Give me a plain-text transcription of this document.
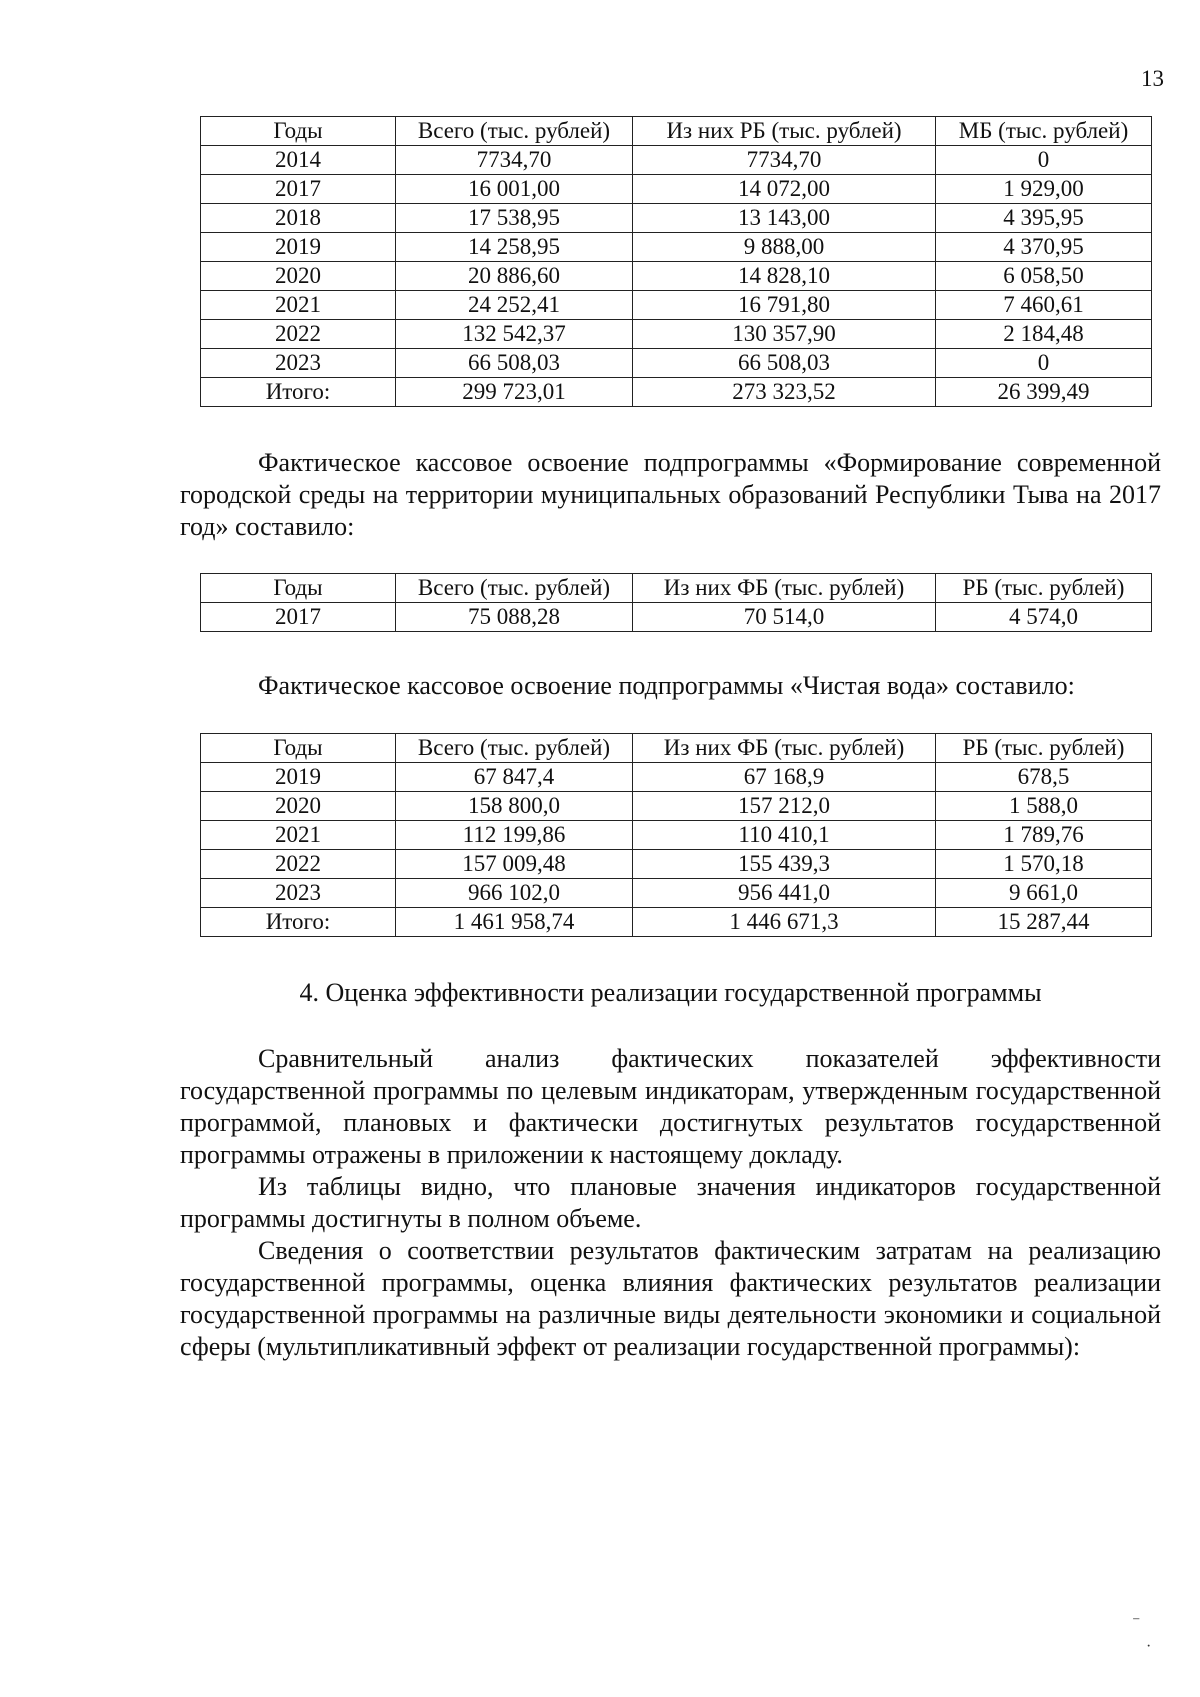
13
Годы	Всего (тыс. рублей)	Из них РБ (тыс. рублей)	МБ (тыс. рублей)
2014	7734,70	7734,70	0
2017	16 001,00	14 072,00	1 929,00
2018	17 538,95	13 143,00	4 395,95
2019	14 258,95	9 888,00	4 370,95
2020	20 886,60	14 828,10	6 058,50
2021	24 252,41	16 791,80	7 460,61
2022	132 542,37	130 357,90	2 184,48
2023	66 508,03	66 508,03	0
Итого:	299 723,01	273 323,52	26 399,49

Фактическое кассовое освоение подпрограммы «Формирование современной городской среды на территории муниципальных образований Республики Тыва на 2017 год» составило:

Годы	Всего (тыс. рублей)	Из них ФБ (тыс. рублей)	РБ (тыс. рублей)
2017	75 088,28	70 514,0	4 574,0

Фактическое кассовое освоение подпрограммы «Чистая вода» составило:

Годы	Всего (тыс. рублей)	Из них ФБ (тыс. рублей)	РБ (тыс. рублей)
2019	67 847,4	67 168,9	678,5
2020	158 800,0	157 212,0	1 588,0
2021	112 199,86	110 410,1	1 789,76
2022	157 009,48	155 439,3	1 570,18
2023	966 102,0	956 441,0	9 661,0
Итого:	1 461 958,74	1 446 671,3	15 287,44
4. Оценка эффективности реализации государственной программы

Сравнительный анализ фактических показателей эффективности государственной программы по целевым индикаторам, утвержденным государственной программой, плановых и фактически достигнутых результатов государственной программы отражены в приложении к настоящему докладу.

Из таблицы видно, что плановые значения индикаторов государственной программы достигнуты в полном объеме.

Сведения о соответствии результатов фактическим затратам на реализацию государственной программы, оценка влияния фактических результатов реализации государственной программы на различные виды деятельности экономики и социальной сферы (мультипликативный эффект от реализации государственной программы):

⁻
·
